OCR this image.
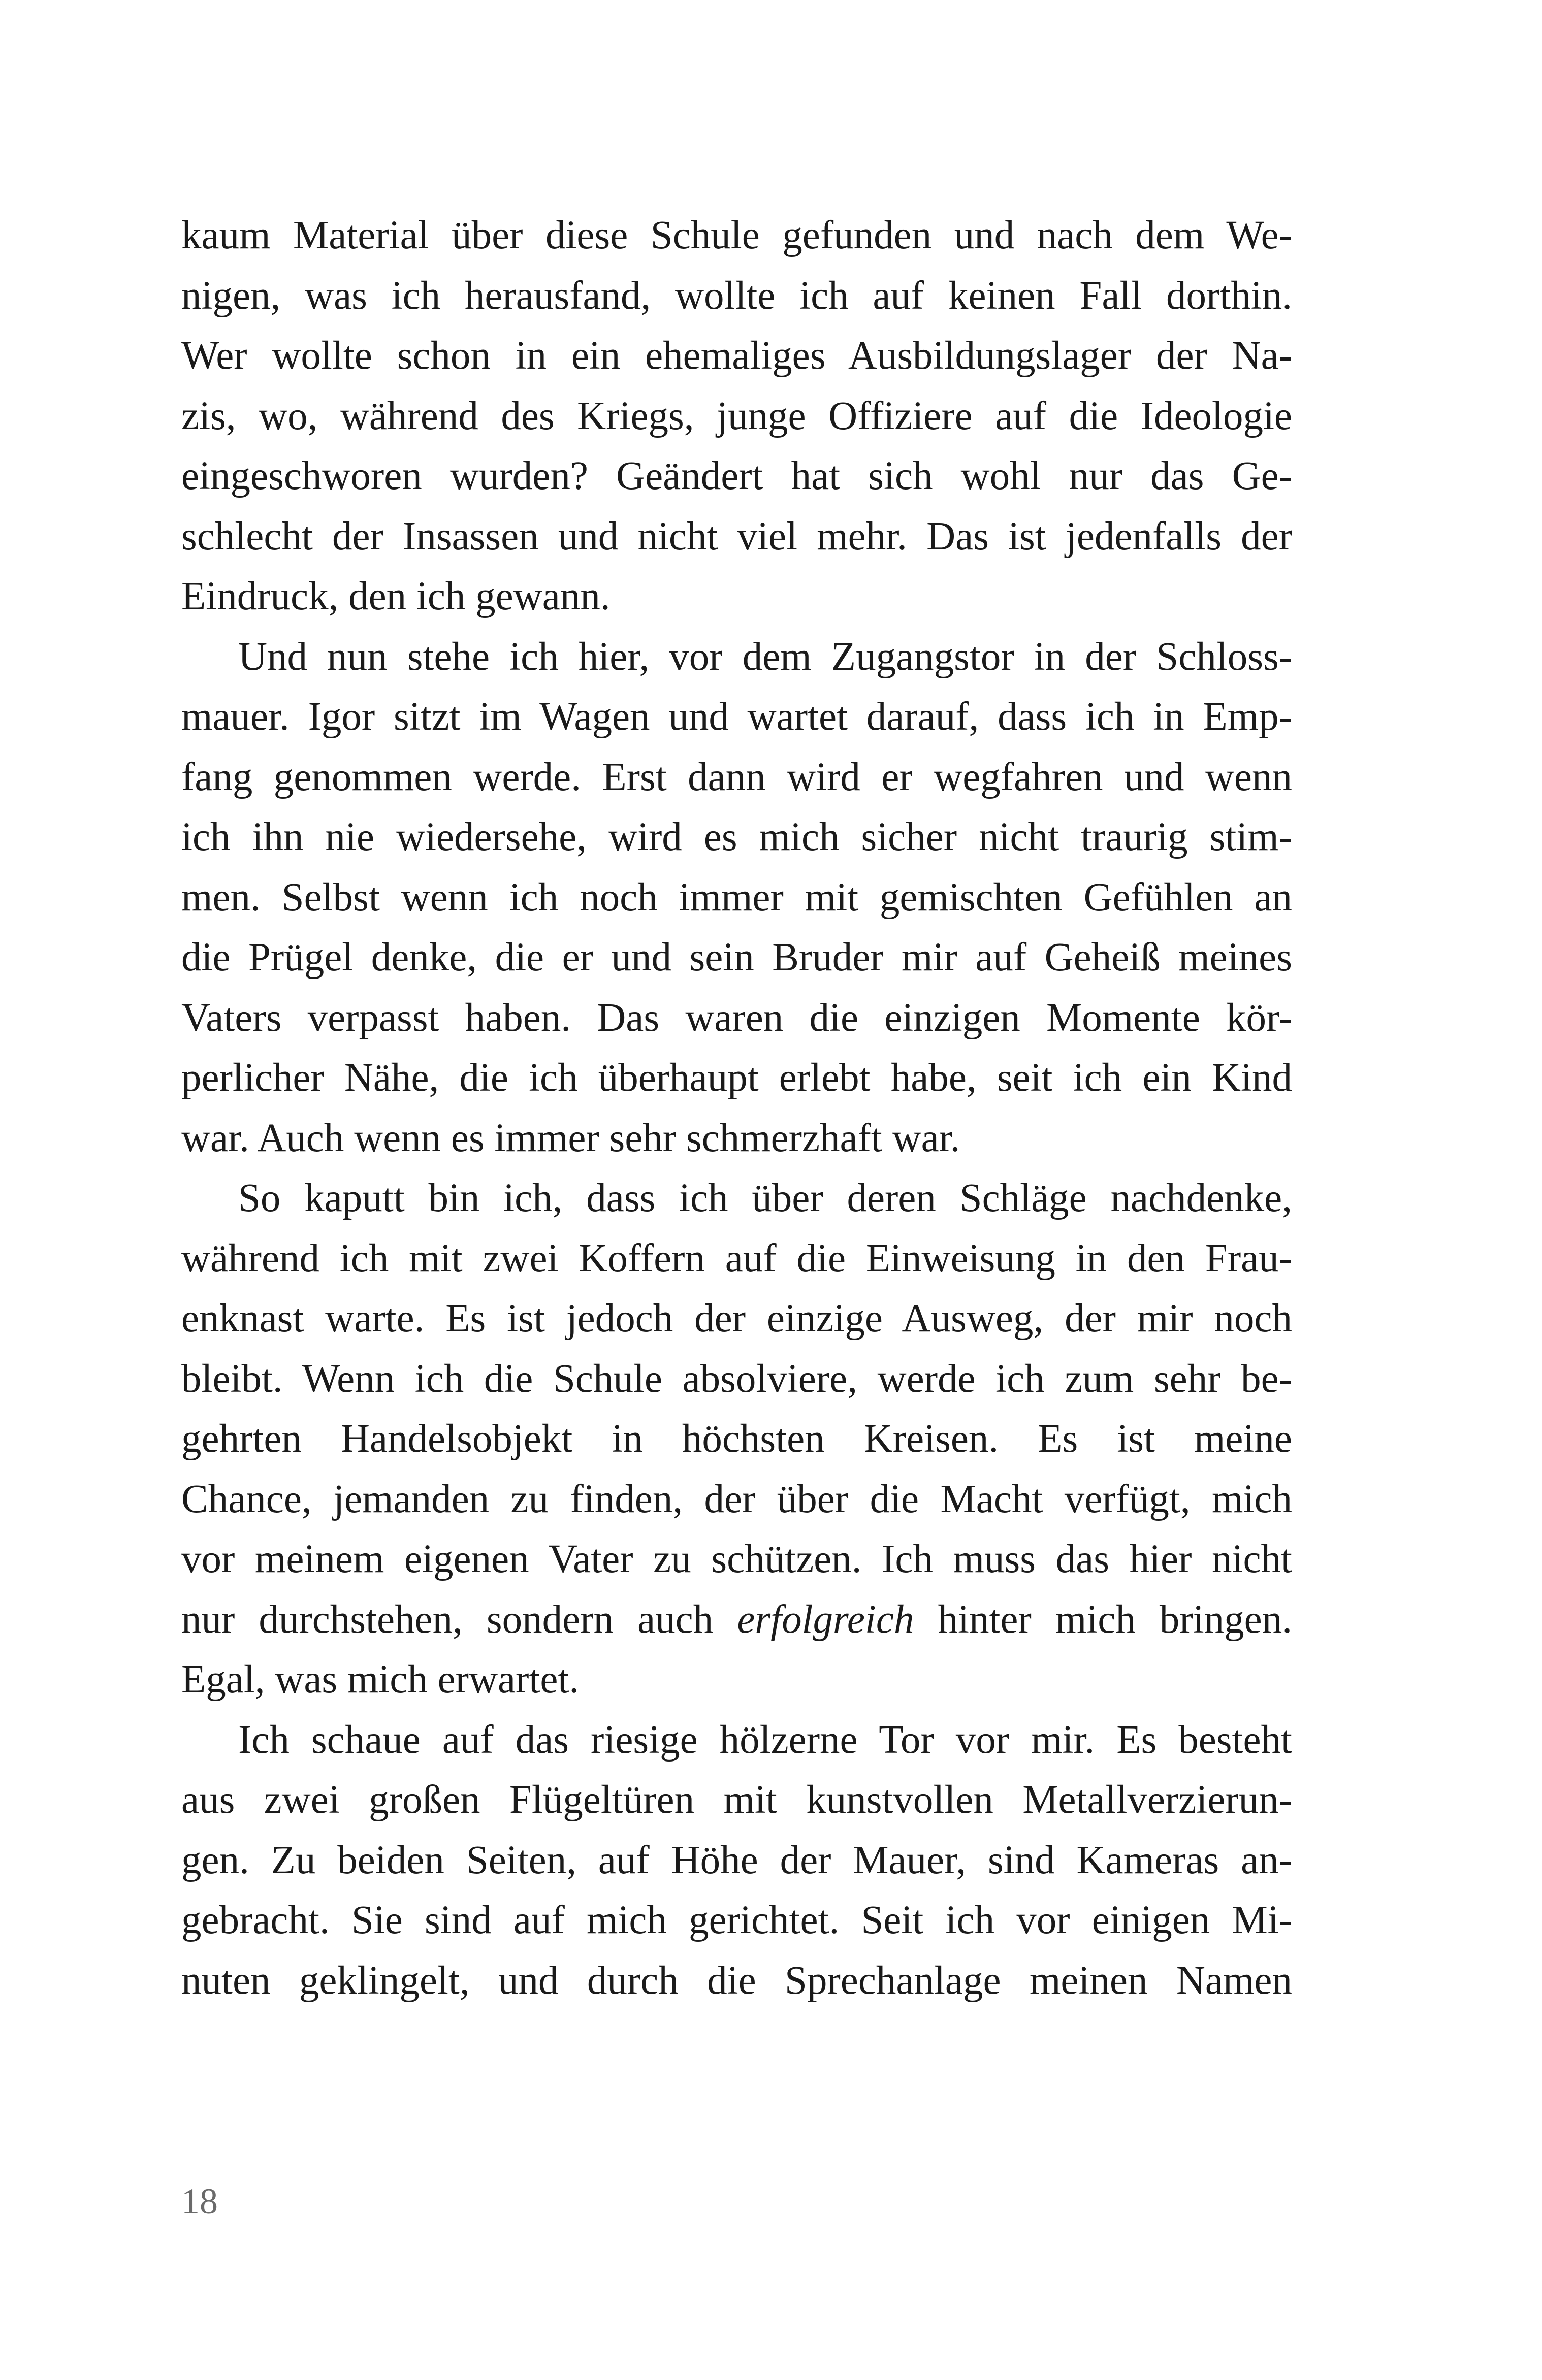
kaum Material über diese Schule gefunden und nach dem We-
nigen, was ich herausfand, wollte ich auf keinen Fall dorthin.
Wer wollte schon in ein ehemaliges Ausbildungslager der Na-
zis, wo, während des Kriegs, junge Offiziere auf die Ideologie
eingeschworen wurden? Geändert hat sich wohl nur das Ge-
schlecht der Insassen und nicht viel mehr. Das ist jedenfalls der
Eindruck, den ich gewann.
Und nun stehe ich hier, vor dem Zugangstor in der Schloss-
mauer. Igor sitzt im Wagen und wartet darauf, dass ich in Emp-
fang genommen werde. Erst dann wird er wegfahren und wenn
ich ihn nie wiedersehe, wird es mich sicher nicht traurig stim-
men. Selbst wenn ich noch immer mit gemischten Gefühlen an
die Prügel denke, die er und sein Bruder mir auf Geheiß meines
Vaters verpasst haben. Das waren die einzigen Momente kör-
perlicher Nähe, die ich überhaupt erlebt habe, seit ich ein Kind
war. Auch wenn es immer sehr schmerzhaft war.
So kaputt bin ich, dass ich über deren Schläge nachdenke,
während ich mit zwei Koffern auf die Einweisung in den Frau-
enknast warte. Es ist jedoch der einzige Ausweg, der mir noch
bleibt. Wenn ich die Schule absolviere, werde ich zum sehr be-
gehrten Handelsobjekt in höchsten Kreisen. Es ist meine
Chance, jemanden zu finden, der über die Macht verfügt, mich
vor meinem eigenen Vater zu schützen. Ich muss das hier nicht
nur durchstehen, sondern auch erfolgreich hinter mich bringen.
Egal, was mich erwartet.
Ich schaue auf das riesige hölzerne Tor vor mir. Es besteht
aus zwei großen Flügeltüren mit kunstvollen Metallverzierun-
gen. Zu beiden Seiten, auf Höhe der Mauer, sind Kameras an-
gebracht. Sie sind auf mich gerichtet. Seit ich vor einigen Mi-
nuten geklingelt, und durch die Sprechanlage meinen Namen
18
